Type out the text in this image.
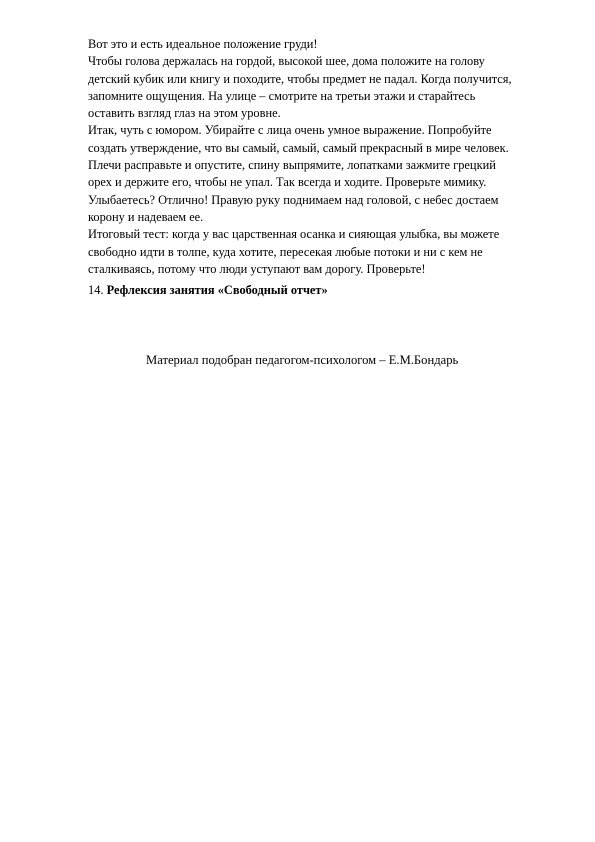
Вот это и есть идеальное положение груди!
Чтобы голова держалась на гордой, высокой шее, дома положите на голову
детский кубик или книгу и походите, чтобы предмет не падал. Когда получится,
запомните ощущения. На улице – смотрите на третьи этажи и старайтесь
оставить взгляд глаз на этом уровне.
Итак, чуть с юмором. Убирайте с лица очень умное выражение. Попробуйте
создать утверждение, что вы самый, самый, самый прекрасный в мире человек.
Плечи расправьте и опустите, спину выпрямите, лопатками зажмите грецкий
орех и держите его, чтобы не упал. Так всегда и ходите. Проверьте мимику.
Улыбаетесь? Отлично! Правую руку поднимаем над головой, с небес достаем
корону и надеваем ее.
Итоговый тест: когда у вас царственная осанка и сияющая улыбка, вы можете
свободно идти в толпе, куда хотите, пересекая любые потоки и ни с кем не
сталкиваясь, потому что люди уступают вам дорогу. Проверьте!
14. Рефлексия занятия «Свободный отчет»
Материал подобран педагогом-психологом – Е.М.Бондарь
